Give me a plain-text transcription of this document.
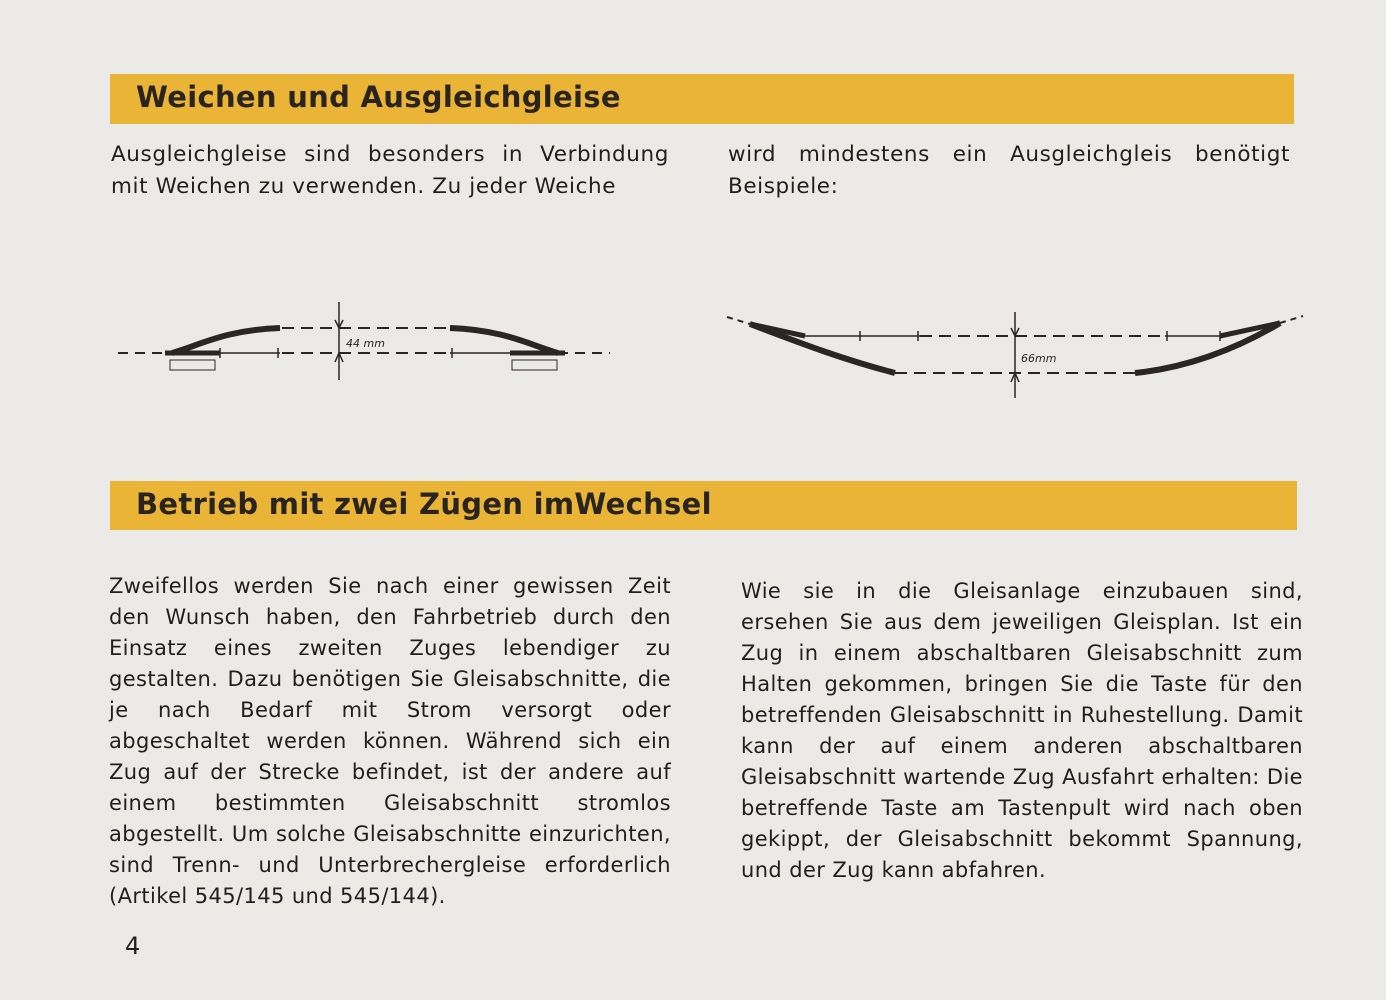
Weichen und Ausgleichgleise

Ausgleichgleise sind besonders in Verbindung mit Weichen zu verwenden. Zu jeder Weiche

wird mindestens ein Ausgleichgleis benötigt Beispiele:

44 mm
66mm
Betrieb mit zwei Zügen imWechsel

Zweifellos werden Sie nach einer gewissen Zeit den Wunsch haben, den Fahrbetrieb durch den Einsatz eines zweiten Zuges lebendiger zu gestalten. Dazu benötigen Sie Gleisabschnitte, die je nach Bedarf mit Strom versorgt oder abgeschaltet werden können. Während sich ein Zug auf der Strecke befindet, ist der andere auf einem bestimmten Gleisabschnitt stromlos abgestellt. Um solche Gleisabschnitte einzurichten, sind Trenn- und Unterbrechergleise erforderlich (Artikel 545/145 und 545/144).

Wie sie in die Gleisanlage einzubauen sind, ersehen Sie aus dem jeweiligen Gleisplan. Ist ein Zug in einem abschaltbaren Gleisabschnitt zum Halten gekommen, bringen Sie die Taste für den betreffenden Gleisabschnitt in Ruhestellung. Damit kann der auf einem anderen abschaltbaren Gleisabschnitt wartende Zug Ausfahrt erhalten: Die betreffende Taste am Tastenpult wird nach oben gekippt, der Gleisabschnitt bekommt Spannung, und der Zug kann abfahren.

4
